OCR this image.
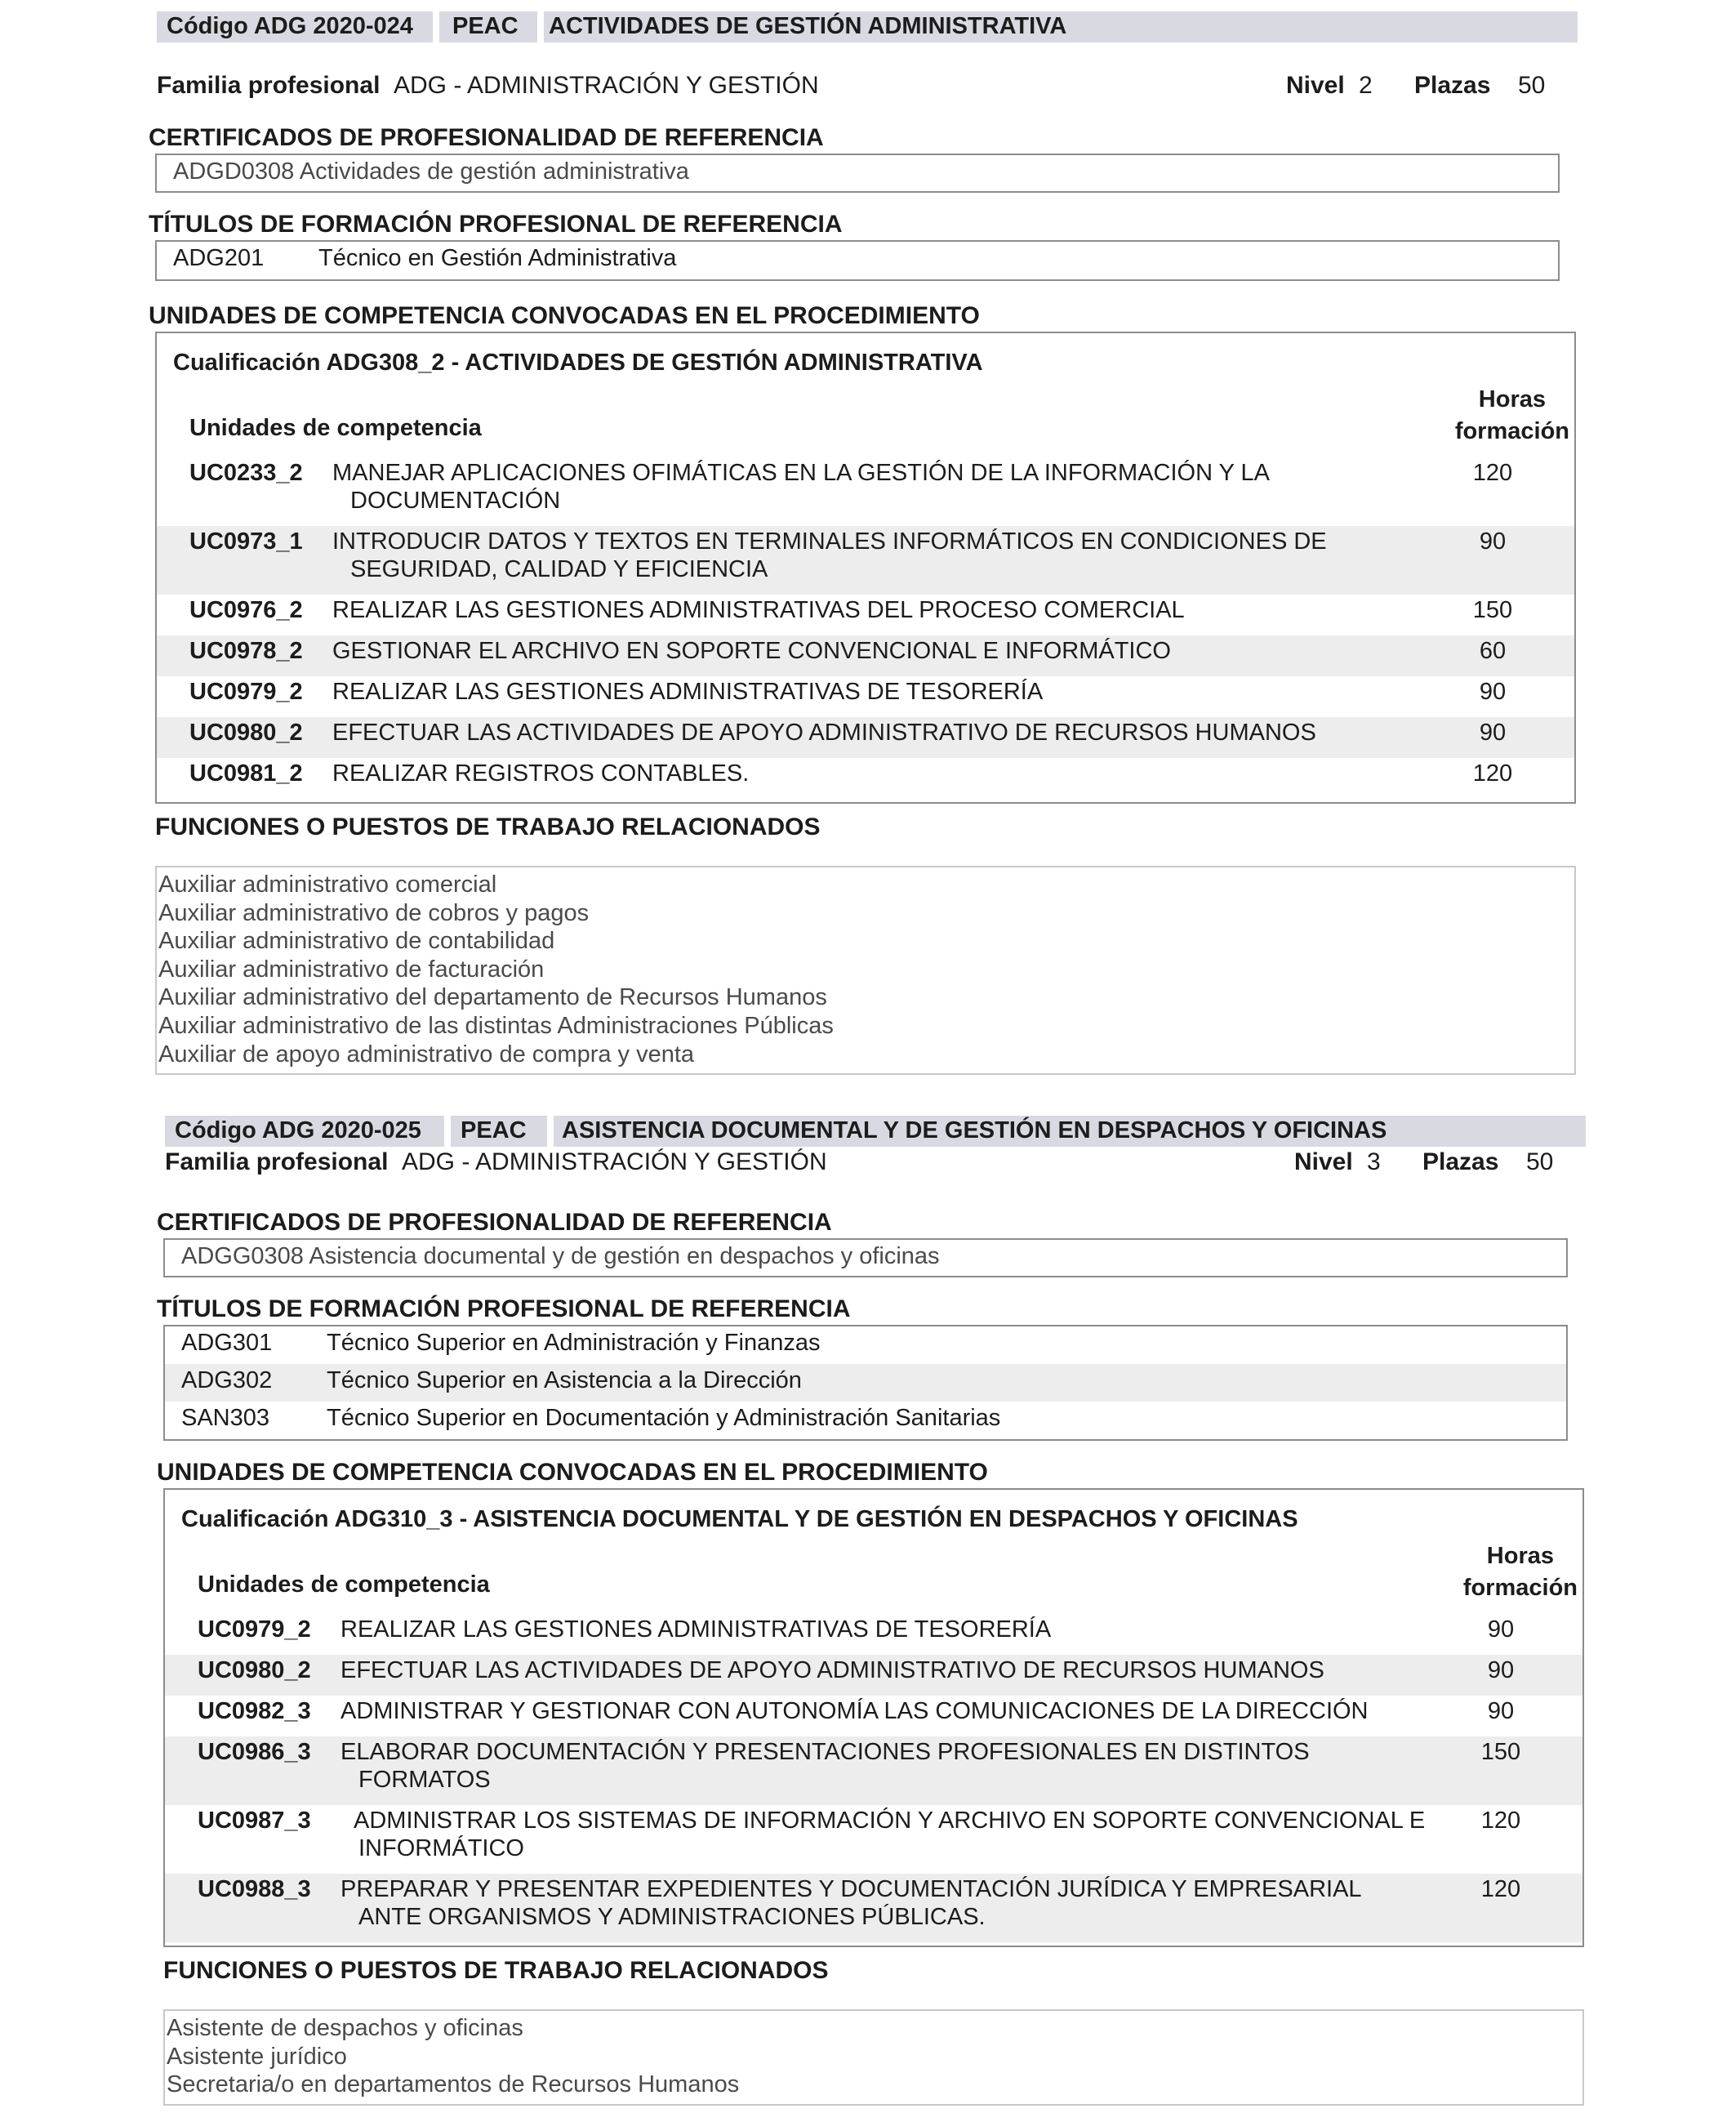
Código ADG 2020-024 PEAC ACTIVIDADES DE GESTIÓN ADMINISTRATIVA
Familia profesional ADG - ADMINISTRACIÓN Y GESTIÓN	Nivel 2 Plazas 50
CERTIFICADOS DE PROFESIONALIDAD DE REFERENCIA
ADGD0308 Actividades de gestión administrativa
TÍTULOS DE FORMACIÓN PROFESIONAL DE REFERENCIA
ADG201 Técnico en Gestión Administrativa
UNIDADES DE COMPETENCIA CONVOCADAS EN EL PROCEDIMIENTO
Cualificación ADG308_2 - ACTIVIDADES DE GESTIÓN ADMINISTRATIVA
Unidades de competencia
Horas
formación
UC0233_2 MANEJAR APLICACIONES OFIMÁTICAS EN LA GESTIÓN DE LA INFORMACIÓN Y LA
DOCUMENTACIÓN
120
UC0973_1 INTRODUCIR DATOS Y TEXTOS EN TERMINALES INFORMÁTICOS EN CONDICIONES DE
SEGURIDAD, CALIDAD Y EFICIENCIA
90
UC0976_2 REALIZAR LAS GESTIONES ADMINISTRATIVAS DEL PROCESO COMERCIAL	150
UC0978_2 GESTIONAR EL ARCHIVO EN SOPORTE CONVENCIONAL E INFORMÁTICO	60
UC0979_2 REALIZAR LAS GESTIONES ADMINISTRATIVAS DE TESORERÍA	90
UC0980_2 EFECTUAR LAS ACTIVIDADES DE APOYO ADMINISTRATIVO DE RECURSOS HUMANOS	90
UC0981_2 REALIZAR REGISTROS CONTABLES.	120
FUNCIONES O PUESTOS DE TRABAJO RELACIONADOS
Auxiliar administrativo comercial
Auxiliar administrativo de cobros y pagos
Auxiliar administrativo de contabilidad
Auxiliar administrativo de facturación
Auxiliar administrativo del departamento de Recursos Humanos
Auxiliar administrativo de las distintas Administraciones Públicas
Auxiliar de apoyo administrativo de compra y venta
Código ADG 2020-025 PEAC ASISTENCIA DOCUMENTAL Y DE GESTIÓN EN DESPACHOS Y OFICINAS
Familia profesional ADG - ADMINISTRACIÓN Y GESTIÓN	Nivel 3 Plazas 50
CERTIFICADOS DE PROFESIONALIDAD DE REFERENCIA
ADGG0308 Asistencia documental y de gestión en despachos y oficinas
TÍTULOS DE FORMACIÓN PROFESIONAL DE REFERENCIA
ADG301 Técnico Superior en Administración y Finanzas
ADG302 Técnico Superior en Asistencia a la Dirección
SAN303 Técnico Superior en Documentación y Administración Sanitarias
UNIDADES DE COMPETENCIA CONVOCADAS EN EL PROCEDIMIENTO
Cualificación ADG310_3 - ASISTENCIA DOCUMENTAL Y DE GESTIÓN EN DESPACHOS Y OFICINAS
Unidades de competencia
Horas
formación
UC0979_2 REALIZAR LAS GESTIONES ADMINISTRATIVAS DE TESORERÍA	90
UC0980_2 EFECTUAR LAS ACTIVIDADES DE APOYO ADMINISTRATIVO DE RECURSOS HUMANOS	90
UC0982_3 ADMINISTRAR Y GESTIONAR CON AUTONOMÍA LAS COMUNICACIONES DE LA DIRECCIÓN	90
UC0986_3 ELABORAR DOCUMENTACIÓN Y PRESENTACIONES PROFESIONALES EN DISTINTOS
FORMATOS
150
UC0987_3 ADMINISTRAR LOS SISTEMAS DE INFORMACIÓN Y ARCHIVO EN SOPORTE CONVENCIONAL E
INFORMÁTICO
120
UC0988_3 PREPARAR Y PRESENTAR EXPEDIENTES Y DOCUMENTACIÓN JURÍDICA Y EMPRESARIAL
ANTE ORGANISMOS Y ADMINISTRACIONES PÚBLICAS.
120
FUNCIONES O PUESTOS DE TRABAJO RELACIONADOS
Asistente de despachos y oficinas
Asistente jurídico
Secretaria/o en departamentos de Recursos Humanos
